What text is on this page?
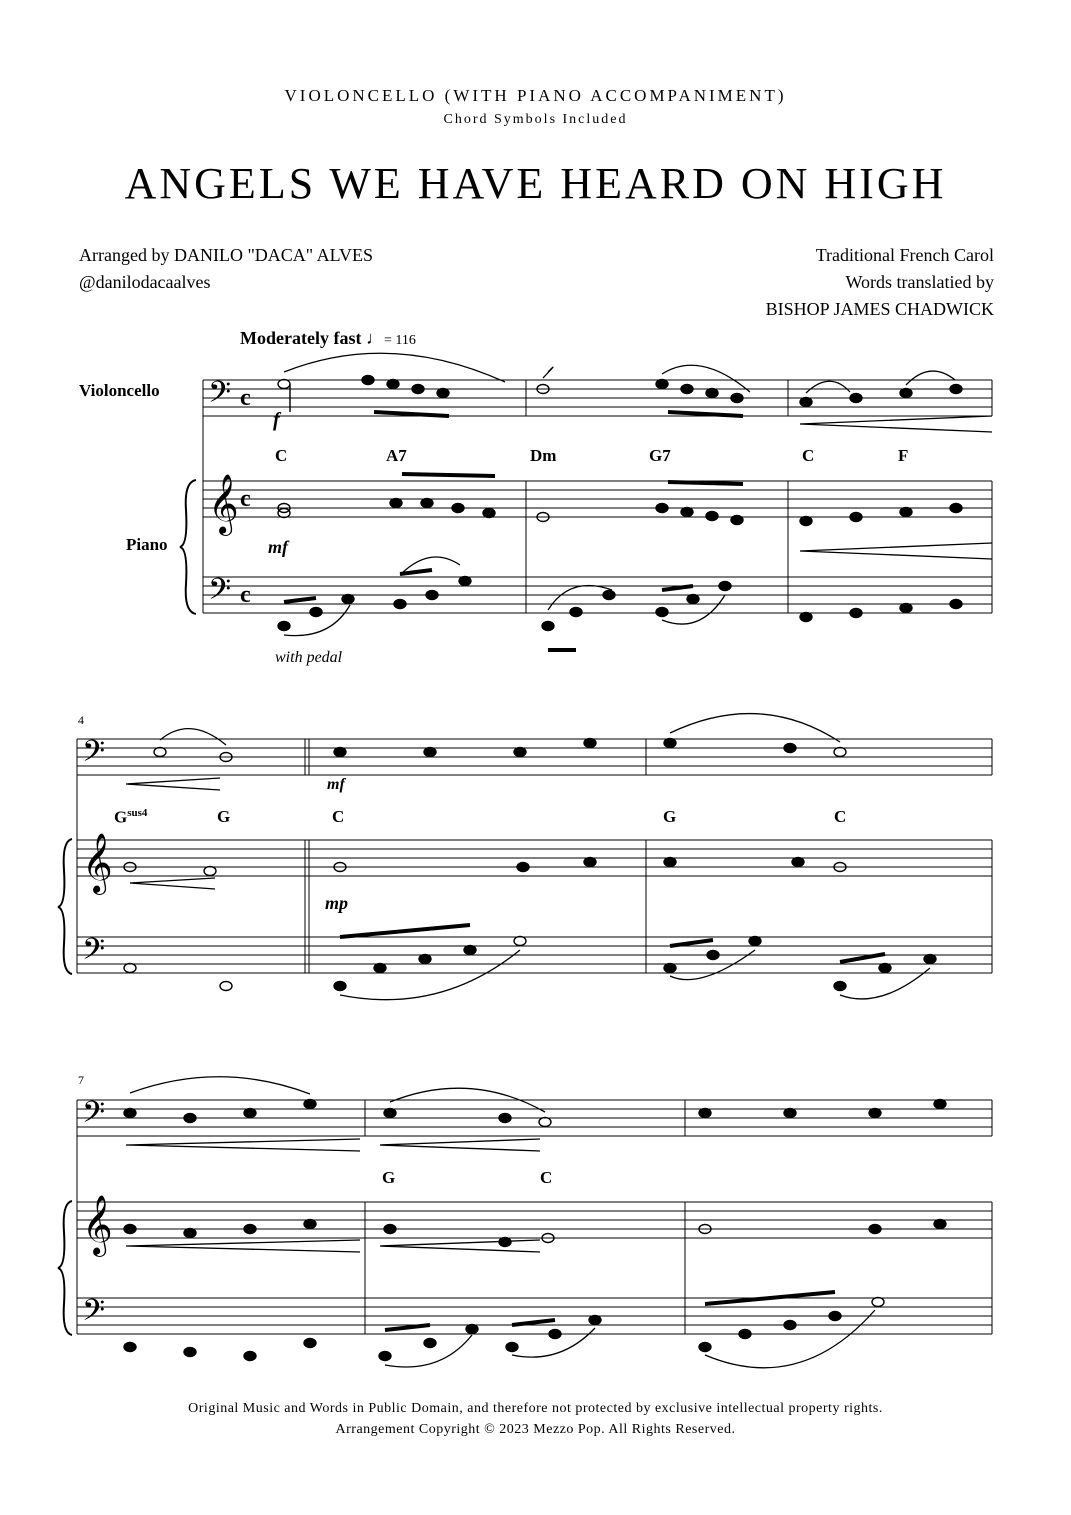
VIOLONCELLO (WITH PIANO ACCOMPANIMENT)
Chord Symbols Included
ANGELS WE HAVE HEARD ON HIGH
Arranged by DANILO "DACA" ALVES
@danilodacaalves
Traditional French Carol
Words translatied by
BISHOP JAMES CHADWICK
Moderately fast ♩= 116
𝄢
𝄞
𝄢
c
c
c
𝄢
𝄞
𝄢
𝄢
𝄞
𝄢
Violoncello
Piano
4
7
C	A7	Dm	G7	C	F
$G^{sus4}$	G	C	G	C
G	C
f
mf
mf
mp
with pedal
Original Music and Words in Public Domain, and therefore not protected by exclusive intellectual property rights.
Arrangement Copyright © 2023 Mezzo Pop. All Rights Reserved.
